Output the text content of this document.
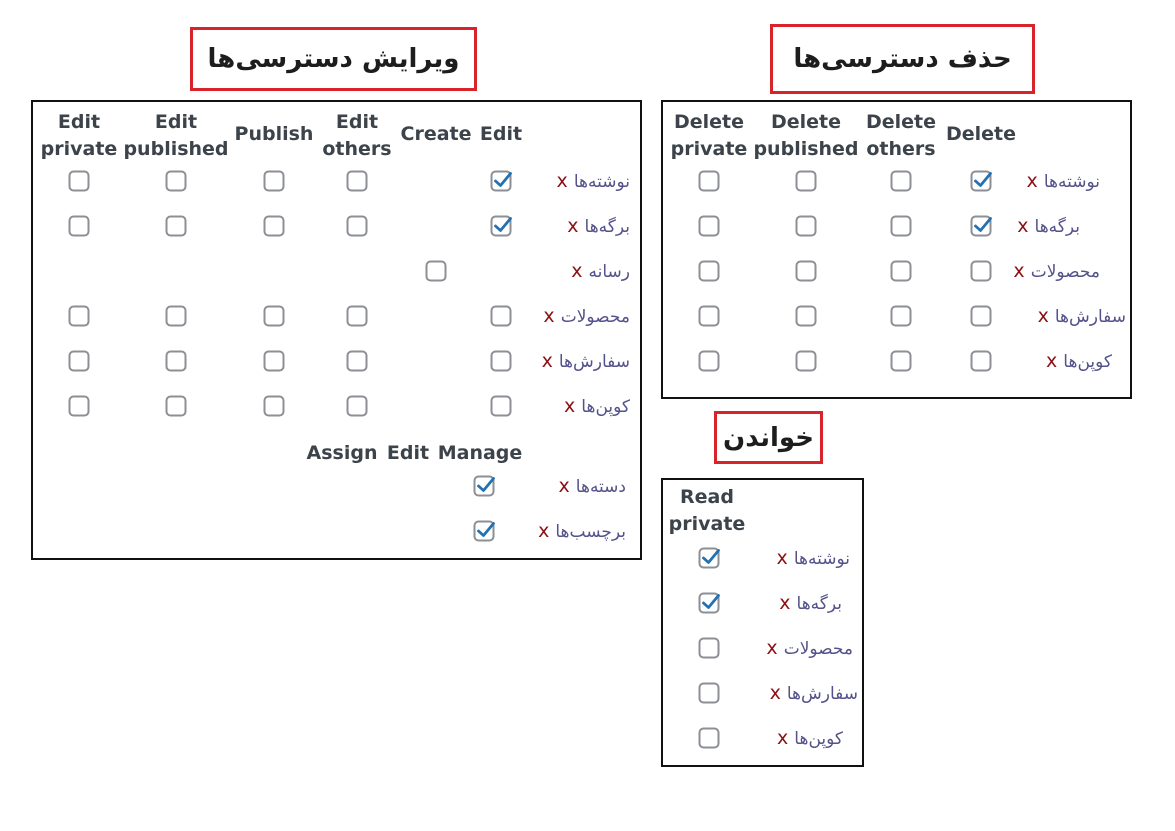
ویرایش دسترسی‌ها	حذف دسترسی‌ها
خواندن
Edit
private
Edit
published
Publish
Edit
others
Create Edit
x نوشته‌ها
x برگه‌ها
x رسانه
x محصولات
x سفارش‌ها
x کوپن‌ها
Assign Edit Manage
x دسته‌ها
x برچسب‌ها
Delete
private
Delete
published
Delete
others
Delete
x نوشته‌ها
x برگه‌ها
x محصولات
x سفارش‌ها
x کوپن‌ها
Read
private
x نوشته‌ها
x برگه‌ها
x محصولات
x سفارش‌ها
x کوپن‌ها
